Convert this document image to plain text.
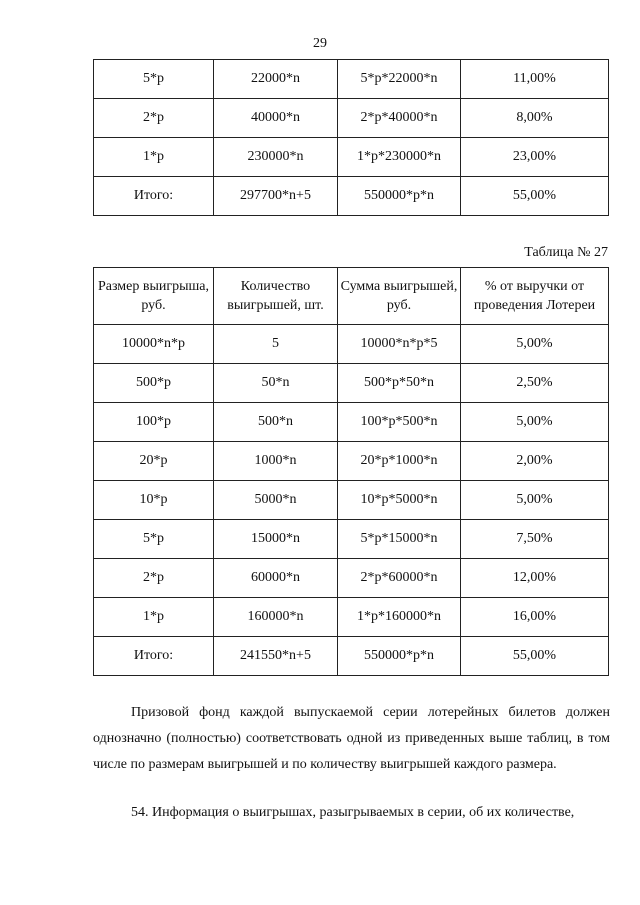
29
5*р	22000*n	5*р*22000*n	11,00%
2*р	40000*n	2*р*40000*n	8,00%
1*р	230000*n	1*р*230000*n	23,00%
Итого:	297700*n+5	550000*р*n	55,00%
Таблица № 27
Размер выигрыша, руб.	Количество выигрышей, шт.	Сумма выигрышей, руб.	% от выручки от проведения Лотереи
10000*n*р	5	10000*n*р*5	5,00%
500*р	50*n	500*р*50*n	2,50%
100*р	500*n	100*р*500*n	5,00%
20*р	1000*n	20*р*1000*n	2,00%
10*р	5000*n	10*р*5000*n	5,00%
5*р	15000*n	5*р*15000*n	7,50%
2*р	60000*n	2*р*60000*n	12,00%
1*р	160000*n	1*р*160000*n	16,00%
Итого:	241550*n+5	550000*р*n	55,00%
Призовой фонд каждой выпускаемой серии лотерейных билетов должен однозначно (полностью) соответствовать одной из приведенных выше таблиц, в том числе по размерам выигрышей и по количеству выигрышей каждого размера.
54. Информация о выигрышах, разыгрываемых в серии, об их количестве,
